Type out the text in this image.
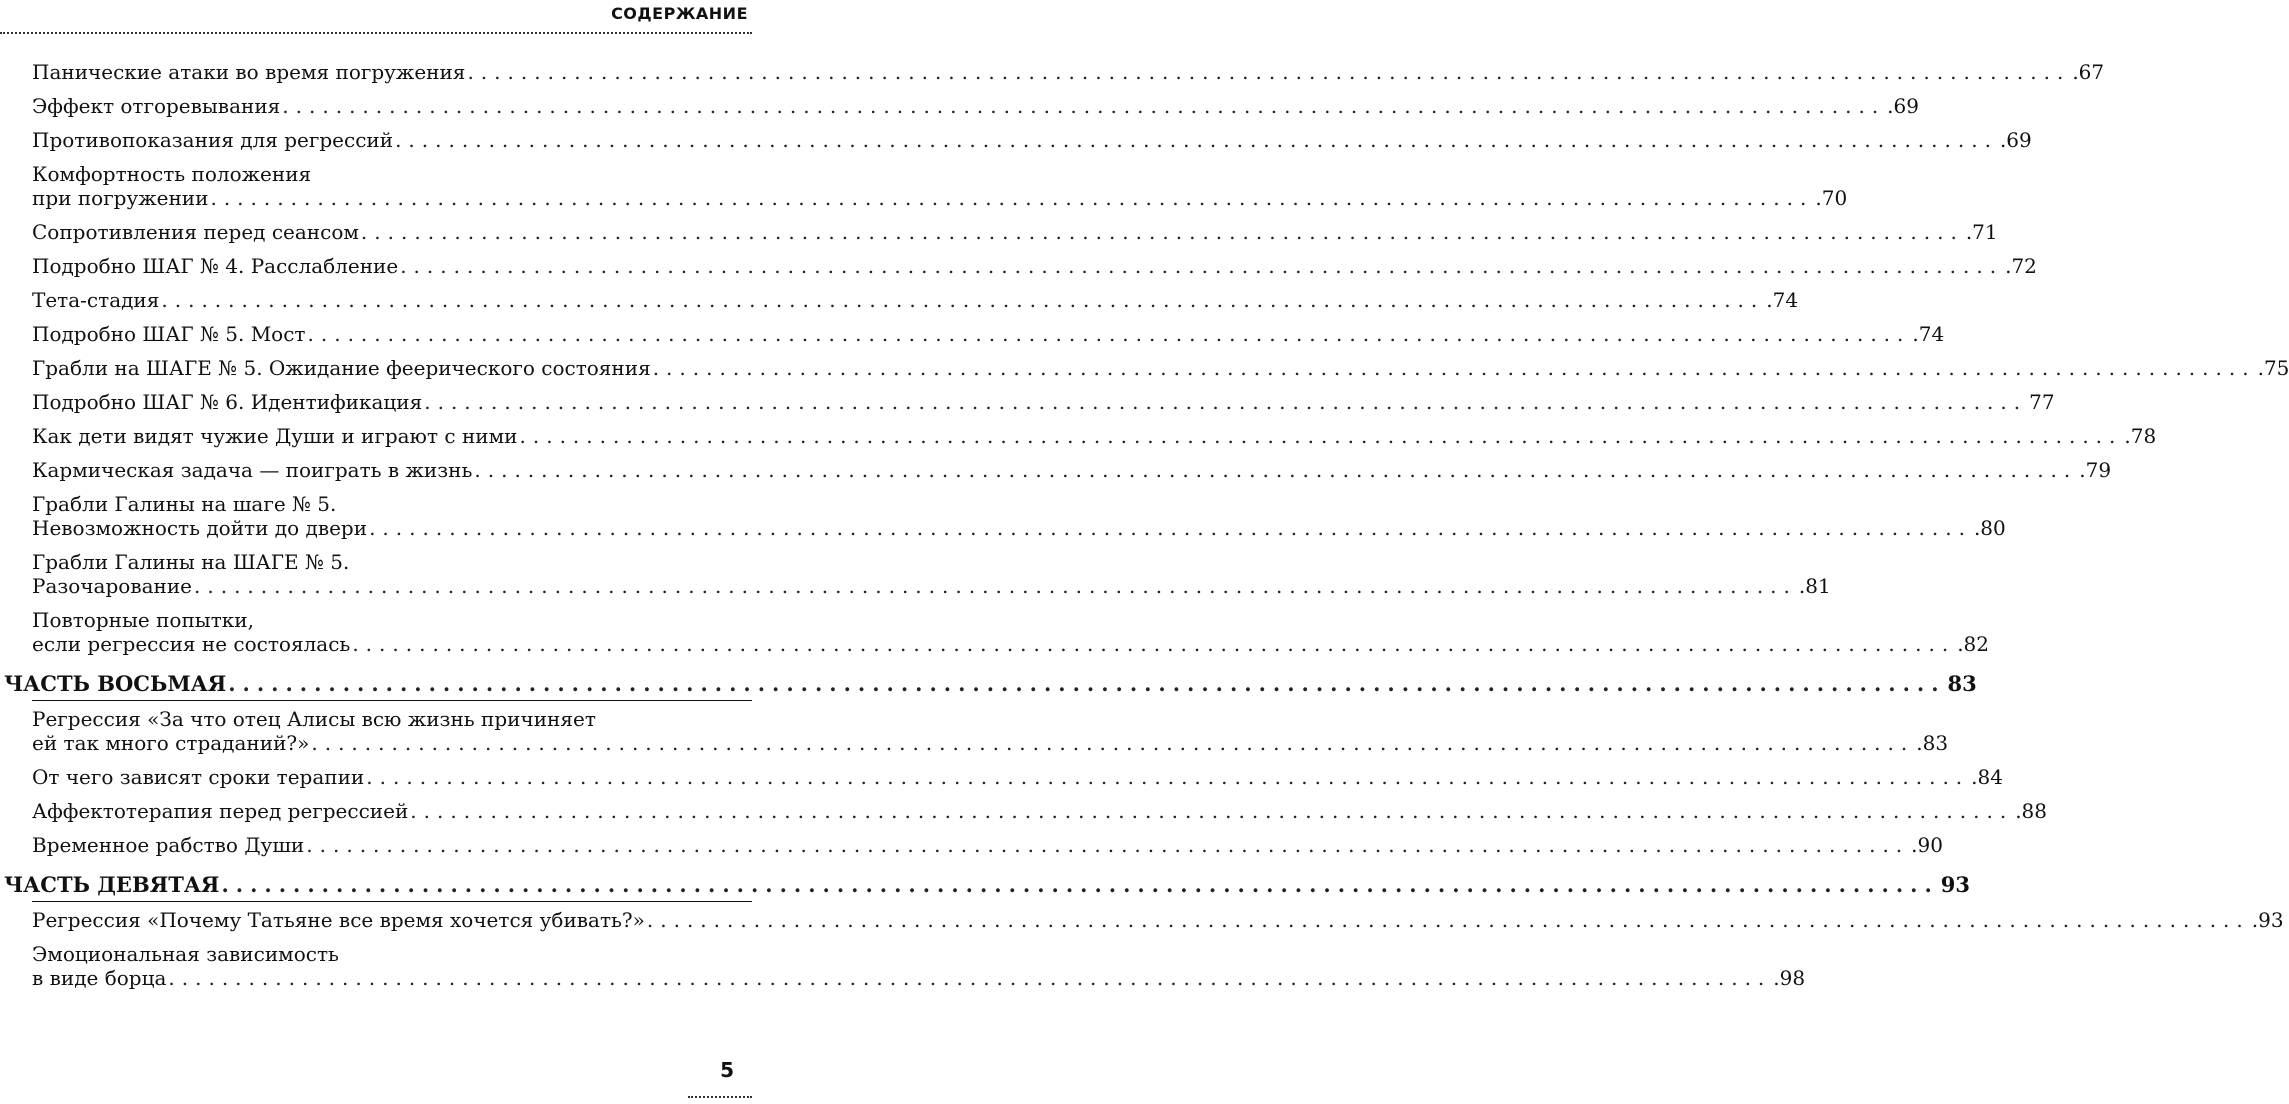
СОДЕРЖАНИЕ
Панические атаки во время погружения ........................................................................................................................ .67
Эффект отгоревывания ........................................................................................................................ .69
Противопоказания для регрессий ........................................................................................................................ .69
Комфортность положения
при погружении ........................................................................................................................ .70
Сопротивления перед сеансом ........................................................................................................................ .71
Подробно ШАГ № 4. Расслабление ........................................................................................................................ .72
Тета-стадия ........................................................................................................................ .74
Подробно ШАГ № 5. Мост ........................................................................................................................ .74
Грабли на ШАГЕ № 5. Ожидание феерического состояния ........................................................................................................................ .75
Подробно ШАГ № 6. Идентификация ........................................................................................................................ 77
Как дети видят чужие Души и играют с ними ........................................................................................................................ .78
Кармическая задача — поиграть в жизнь ........................................................................................................................ .79
Грабли Галины на шаге № 5.
Невозможность дойти до двери ........................................................................................................................ .80
Грабли Галины на ШАГЕ № 5.
Разочарование ........................................................................................................................ .81
Повторные попытки,
если регрессия не состоялась ........................................................................................................................ .82
ЧАСТЬ ВОСЬМАЯ ........................................................................................................................ 83
Регрессия «За что отец Алисы всю жизнь причиняет
ей так много страданий?» ........................................................................................................................ .83
От чего зависят сроки терапии ........................................................................................................................ .84
Аффектотерапия перед регрессией ........................................................................................................................ .88
Временное рабство Души ........................................................................................................................ .90
ЧАСТЬ ДЕВЯТАЯ ........................................................................................................................ 93
Регрессия «Почему Татьяне все время хочется убивать?» ........................................................................................................................ .93
Эмоциональная зависимость
в виде борца ........................................................................................................................ .98
5
